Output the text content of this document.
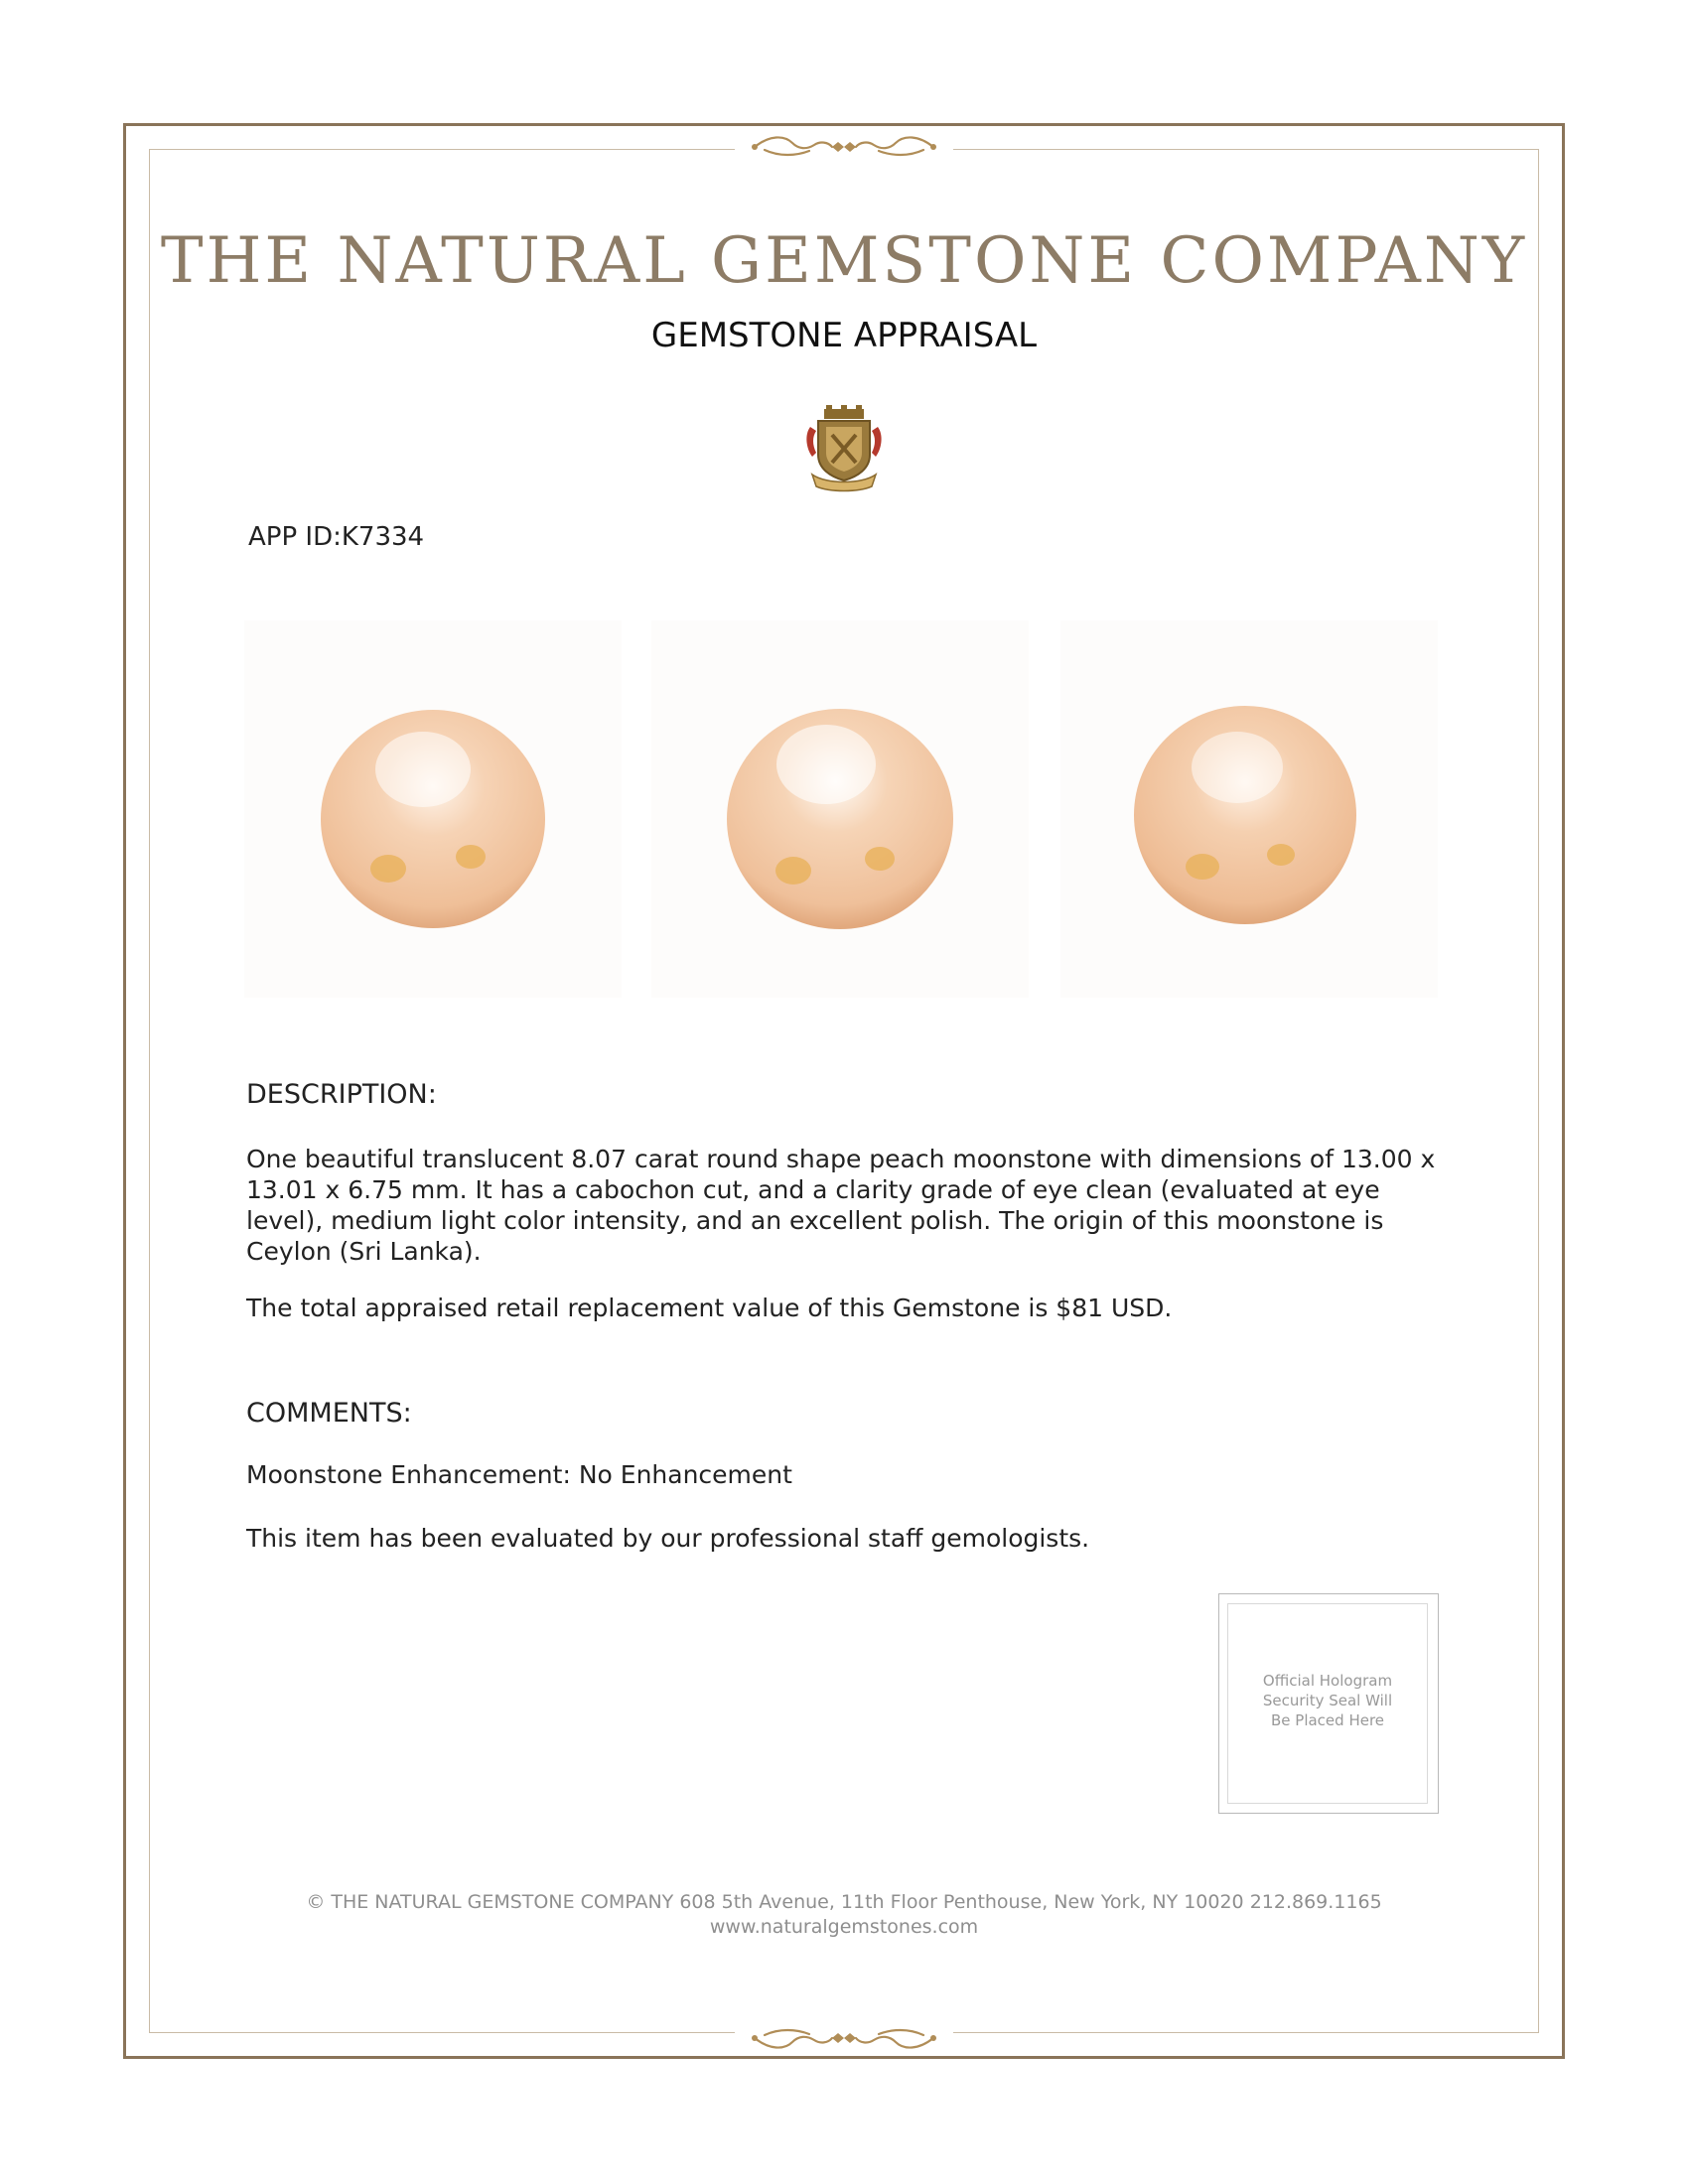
THE NATURAL GEMSTONE COMPANY
GEMSTONE APPRAISAL
APP ID:K7334
DESCRIPTION:
One beautiful translucent 8.07 carat round shape peach moonstone with dimensions of 13.00 x 13.01 x 6.75 mm. It has a cabochon cut, and a clarity grade of eye clean (evaluated at eye level), medium light color intensity, and an excellent polish. The origin of this moonstone is Ceylon (Sri Lanka).
The total appraised retail replacement value of this Gemstone is $81 USD.
COMMENTS:
Moonstone Enhancement: No Enhancement
This item has been evaluated by our professional staff gemologists.
Official Hologram
Security Seal Will
Be Placed Here
© THE NATURAL GEMSTONE COMPANY 608 5th Avenue, 11th Floor Penthouse, New York, NY 10020 212.869.1165
www.naturalgemstones.com
